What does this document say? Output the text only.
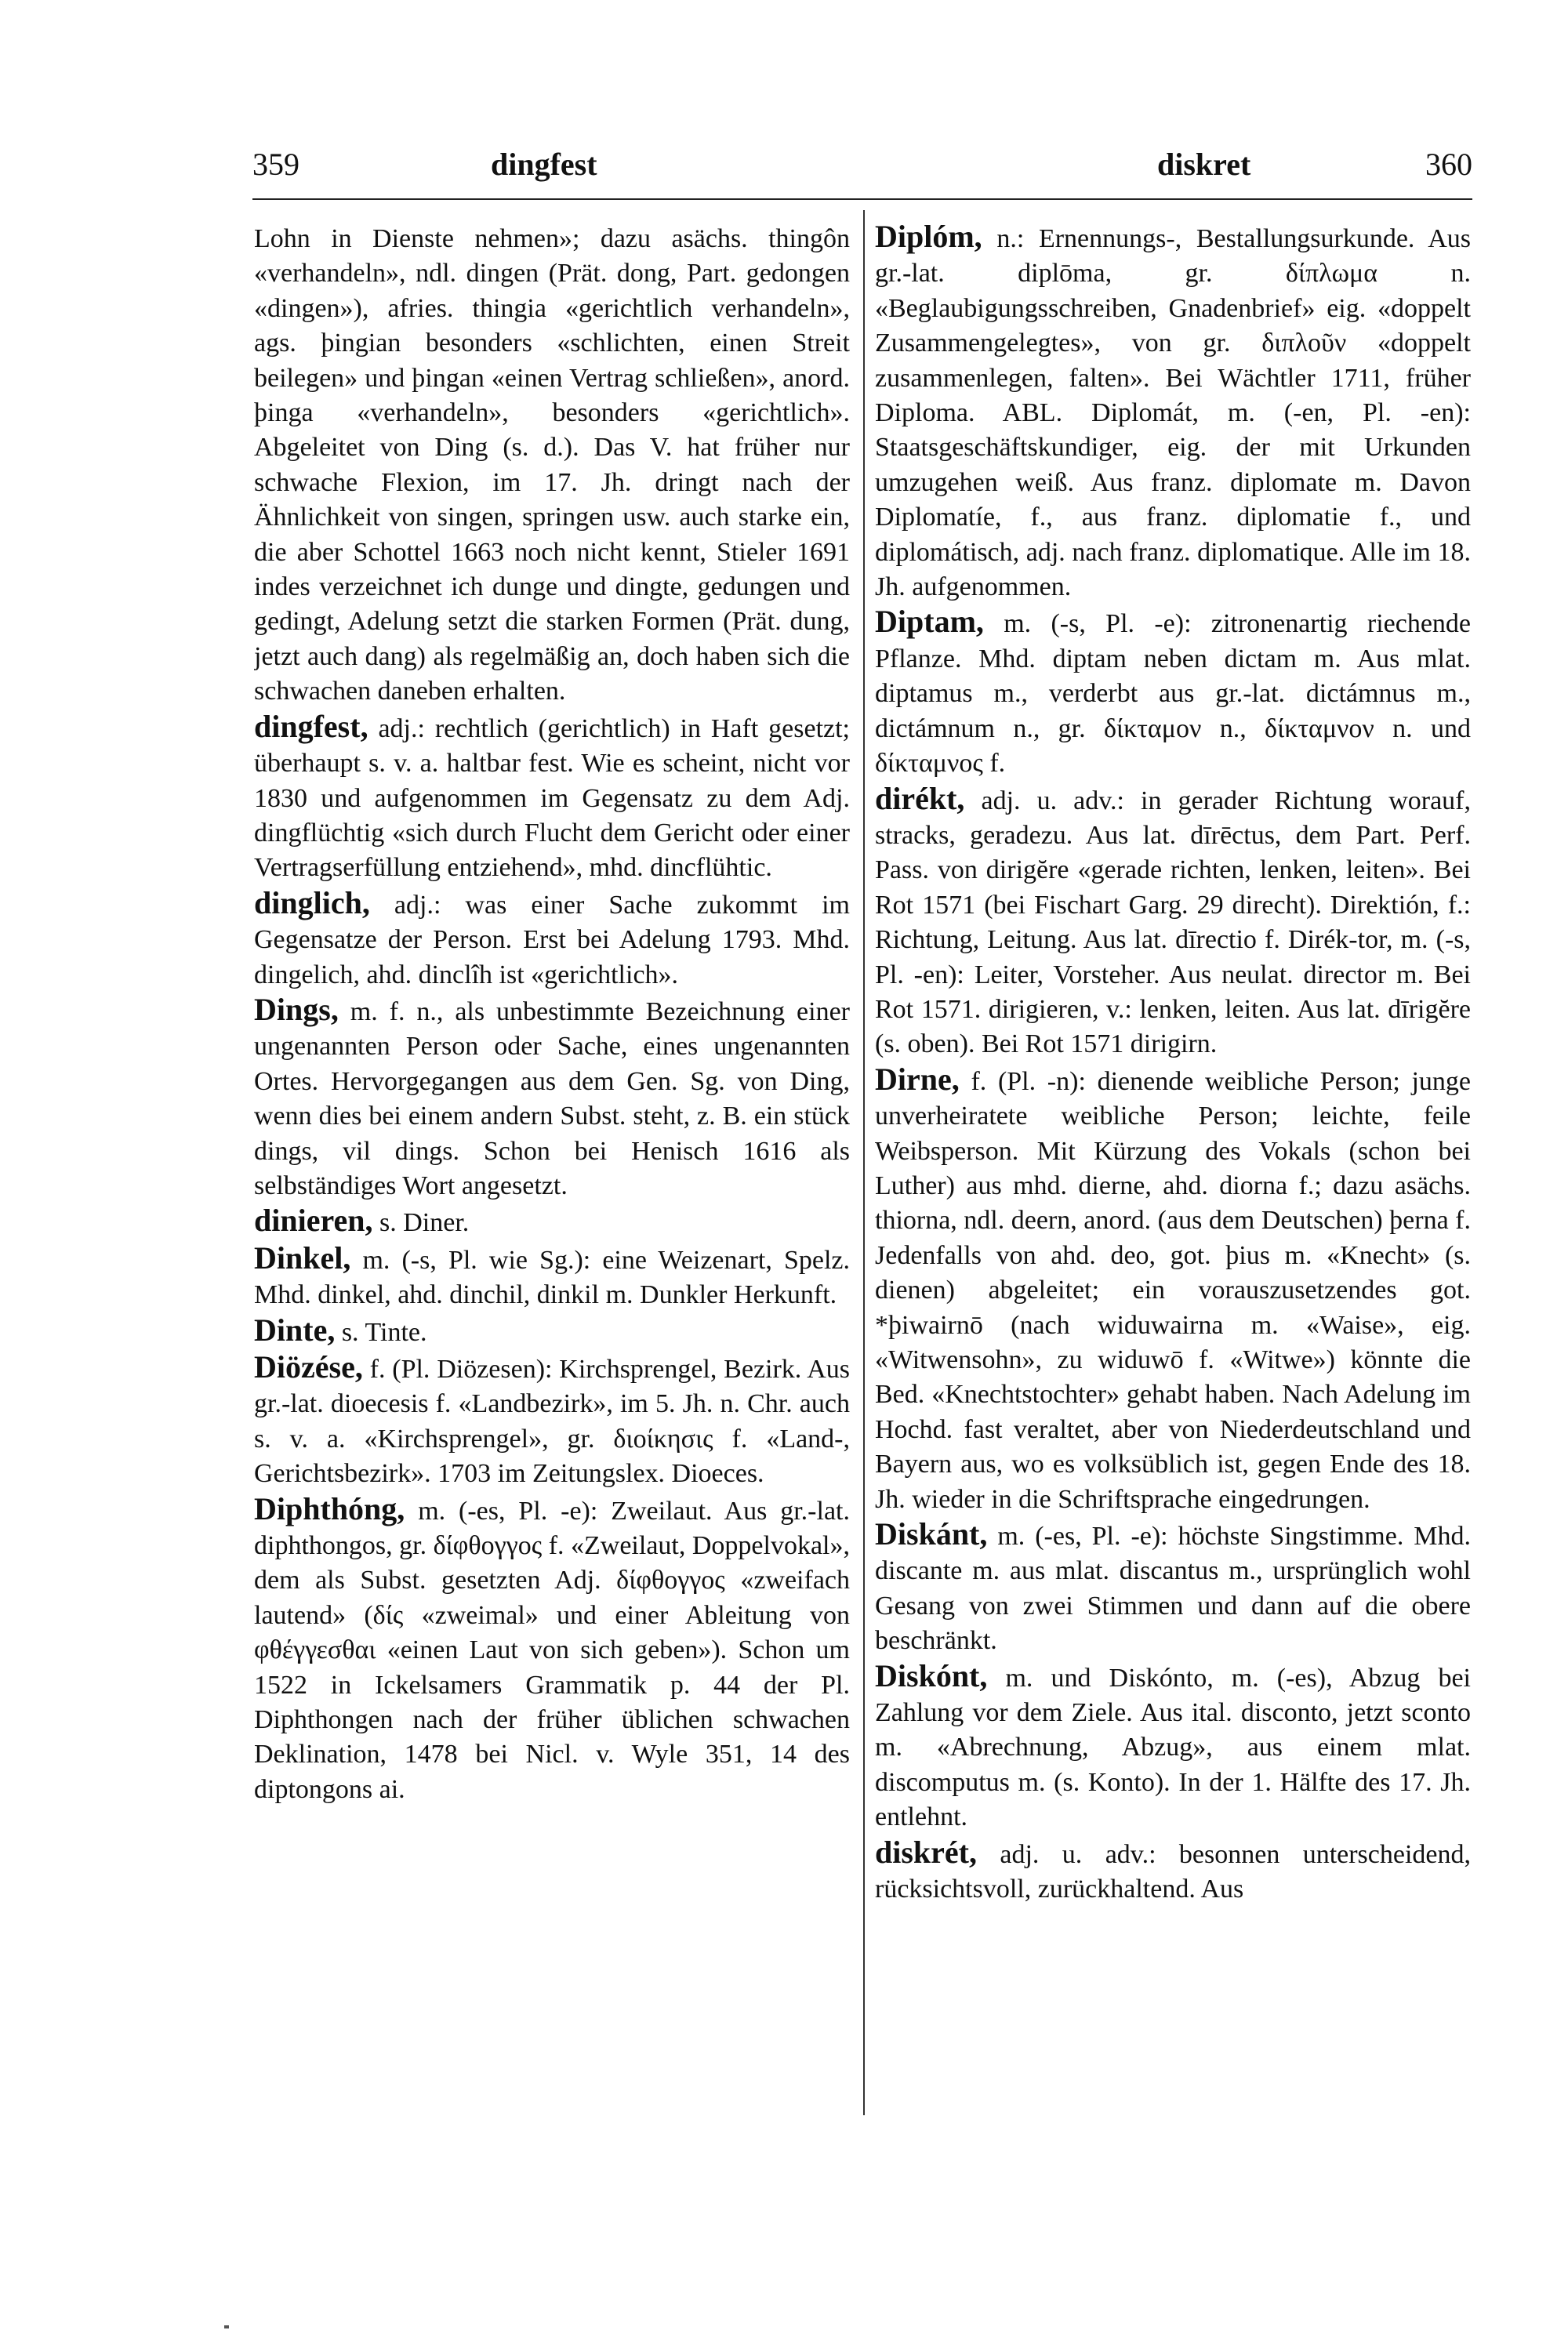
359	dingfest	diskret	360

Lohn in Dienste nehmen»; dazu asächs. thingôn «verhandeln», ndl. dingen (Prät. dong, Part. gedongen «dingen»), afries. thingia «gerichtlich verhandeln», ags. þingian besonders «schlichten, einen Streit beilegen» und þingan «einen Vertrag schließen», anord. þinga «verhandeln», besonders «gerichtlich». Abgeleitet von Ding (s. d.). Das V. hat früher nur schwache Flexion, im 17. Jh. dringt nach der Ähnlichkeit von singen, springen usw. auch starke ein, die aber Schottel 1663 noch nicht kennt, Stieler 1691 indes verzeichnet ich dunge und dingte, gedungen und gedingt, Adelung setzt die starken Formen (Prät. dung, jetzt auch dang) als regelmäßig an, doch haben sich die schwachen daneben erhalten.

dingfest, adj.: rechtlich (gerichtlich) in Haft gesetzt; überhaupt s. v. a. haltbar fest. Wie es scheint, nicht vor 1830 und aufgenommen im Gegensatz zu dem Adj. dingflüchtig «sich durch Flucht dem Gericht oder einer Vertragserfüllung entziehend», mhd. dincflühtic.

dinglich, adj.: was einer Sache zukommt im Gegensatze der Person. Erst bei Adelung 1793. Mhd. dingelich, ahd. dinclîh ist «gerichtlich».

Dings, m. f. n., als unbestimmte Bezeichnung einer ungenannten Person oder Sache, eines ungenannten Ortes. Hervorgegangen aus dem Gen. Sg. von Ding, wenn dies bei einem andern Subst. steht, z. B. ein stück dings, vil dings. Schon bei Henisch 1616 als selbständiges Wort angesetzt.

dinieren, s. Diner.

Dinkel, m. (-s, Pl. wie Sg.): eine Weizenart, Spelz. Mhd. dinkel, ahd. dinchil, dinkil m. Dunkler Herkunft.

Dinte, s. Tinte.

Diözése, f. (Pl. Diözesen): Kirchsprengel, Bezirk. Aus gr.-lat. dioecesis f. «Landbezirk», im 5. Jh. n. Chr. auch s. v. a. «Kirchsprengel», gr. διοίκησις f. «Land-, Gerichtsbezirk». 1703 im Zeitungslex. Dioeces.

Diphthóng, m. (-es, Pl. -e): Zweilaut. Aus gr.-lat. diphthongos, gr. δίφθογγος f. «Zweilaut, Doppelvokal», dem als Subst. gesetzten Adj. δίφθογγος «zweifach lautend» (δίς «zweimal» und einer Ableitung von φθέγγεσθαι «einen Laut von sich geben»). Schon um 1522 in Ickelsamers Grammatik p. 44 der Pl. Diphthongen nach der früher üblichen schwachen Deklination, 1478 bei Nicl. v. Wyle 351, 14 des diptongons ai.

Diplóm, n.: Ernennungs-, Bestallungsurkunde. Aus gr.-lat. diplōma, gr. δίπλωμα n. «Beglaubigungsschreiben, Gnadenbrief» eig. «doppelt Zusammengelegtes», von gr. διπλοῦν «doppelt zusammenlegen, falten». Bei Wächtler 1711, früher Diploma. ABL. Diplomát, m. (-en, Pl. -en): Staatsgeschäftskundiger, eig. der mit Urkunden umzugehen weiß. Aus franz. diplomate m. Davon Diplomatíe, f., aus franz. diplomatie f., und diplomátisch, adj. nach franz. diplomatique. Alle im 18. Jh. aufgenommen.

Diptam, m. (-s, Pl. -e): zitronenartig riechende Pflanze. Mhd. diptam neben dictam m. Aus mlat. diptamus m., verderbt aus gr.-lat. dictámnus m., dictámnum n., gr. δίκταμον n., δίκταμνον n. und δίκταμνος f.

dirékt, adj. u. adv.: in gerader Richtung worauf, stracks, geradezu. Aus lat. dīrēctus, dem Part. Perf. Pass. von dirigĕre «gerade richten, lenken, leiten». Bei Rot 1571 (bei Fischart Garg. 29 direcht). Direktión, f.: Richtung, Leitung. Aus lat. dīrectio f. Dirék-tor, m. (-s, Pl. -en): Leiter, Vorsteher. Aus neulat. director m. Bei Rot 1571. dirigieren, v.: lenken, leiten. Aus lat. dīrigĕre (s. oben). Bei Rot 1571 dirigirn.

Dirne, f. (Pl. -n): dienende weibliche Person; junge unverheiratete weibliche Person; leichte, feile Weibsperson. Mit Kürzung des Vokals (schon bei Luther) aus mhd. dierne, ahd. diorna f.; dazu asächs. thiorna, ndl. deern, anord. (aus dem Deutschen) þerna f. Jedenfalls von ahd. deo, got. þius m. «Knecht» (s. dienen) abgeleitet; ein vorauszusetzendes got. *þiwairnō (nach widuwairna m. «Waise», eig. «Witwensohn», zu widuwō f. «Witwe») könnte die Bed. «Knechtstochter» gehabt haben. Nach Adelung im Hochd. fast veraltet, aber von Niederdeutschland und Bayern aus, wo es volksüblich ist, gegen Ende des 18. Jh. wieder in die Schriftsprache eingedrungen.

Diskánt, m. (-es, Pl. -e): höchste Singstimme. Mhd. discante m. aus mlat. discantus m., ursprünglich wohl Gesang von zwei Stimmen und dann auf die obere beschränkt.

Diskónt, m. und Diskónto, m. (-es), Abzug bei Zahlung vor dem Ziele. Aus ital. disconto, jetzt sconto m. «Abrechnung, Abzug», aus einem mlat. discomputus m. (s. Konto). In der 1. Hälfte des 17. Jh. entlehnt.

diskrét, adj. u. adv.: besonnen unterscheidend, rücksichtsvoll, zurückhaltend. Aus
